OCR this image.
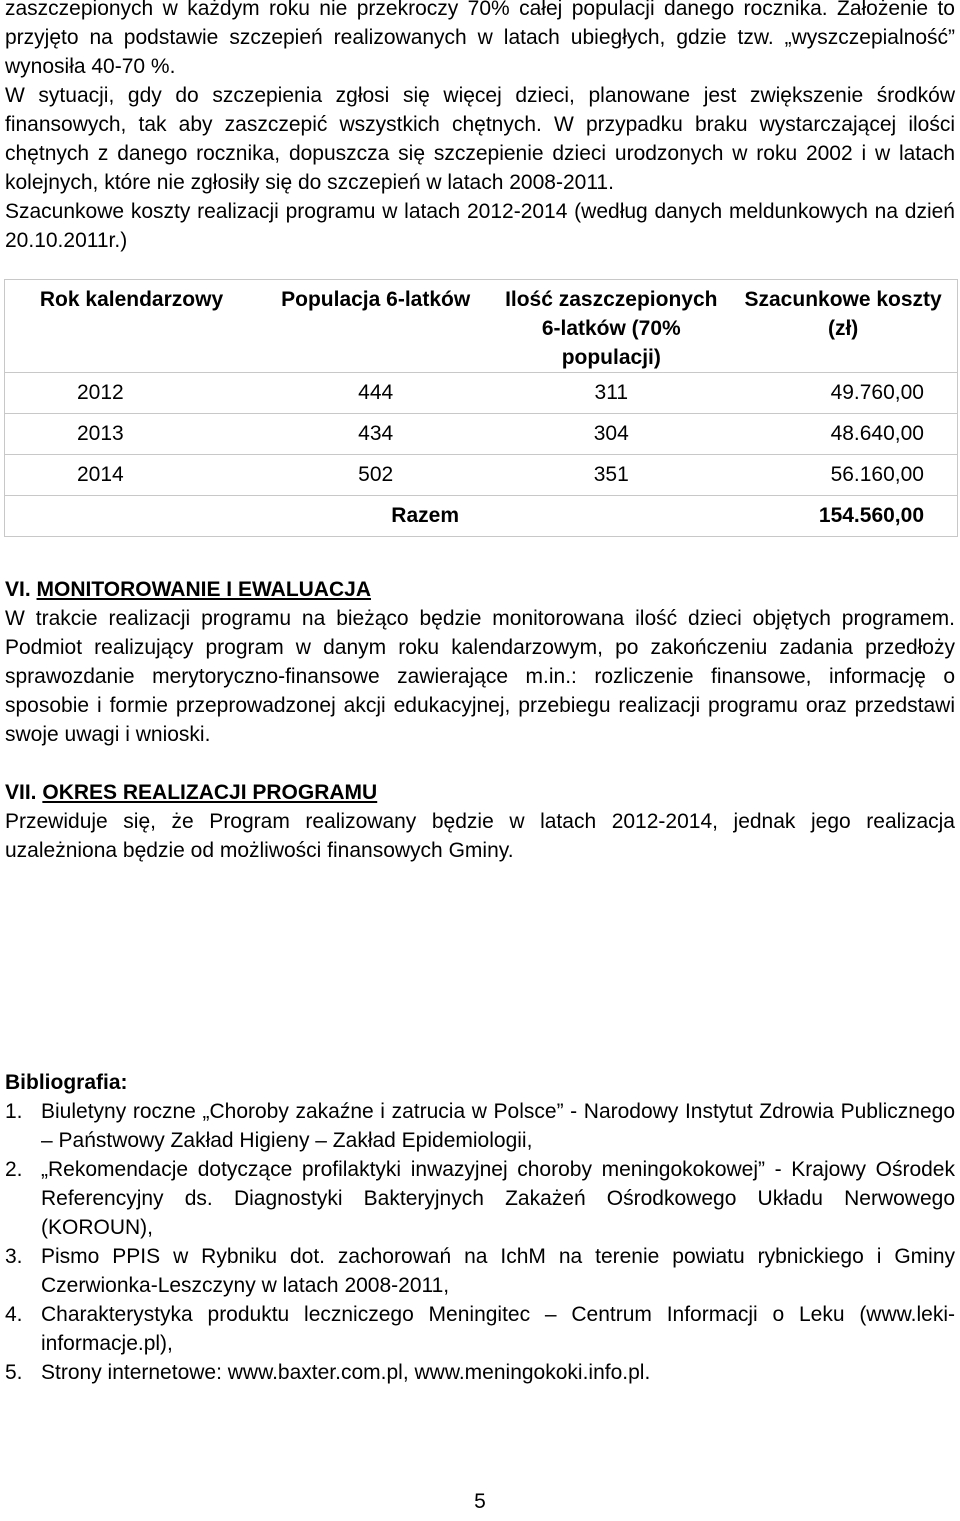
zaszczepionych w każdym roku nie przekroczy 70% całej populacji danego rocznika. Założenie to przyjęto na podstawie szczepień realizowanych w latach ubiegłych, gdzie tzw. „wyszczepialność” wynosiła 40-70 %.

W sytuacji, gdy do szczepienia zgłosi się więcej dzieci, planowane jest zwiększenie środków finansowych, tak aby zaszczepić wszystkich chętnych. W przypadku braku wystarczającej ilości chętnych z danego rocznika, dopuszcza się szczepienie dzieci urodzonych w roku 2002 i w latach kolejnych, które nie zgłosiły się do szczepień w latach 2008-2011.

Szacunkowe koszty realizacji programu w latach 2012-2014 (według danych meldunkowych na dzień 20.10.2011r.)

Rok kalendarzowy	Populacja 6-latków	Ilość zaszczepionych 6-latków (70% populacji)	Szacunkowe koszty (zł)
2012	444	311	49.760,00
2013	434	304	48.640,00
2014	502	351	56.160,00
		Razem	154.560,00
VI. MONITOROWANIE I EWALUACJA

W trakcie realizacji programu na bieżąco będzie monitorowana ilość dzieci objętych programem. Podmiot realizujący program w danym roku kalendarzowym, po zakończeniu zadania przedłoży sprawozdanie merytoryczno-finansowe zawierające m.in.: rozliczenie finansowe, informację o sposobie i formie przeprowadzonej akcji edukacyjnej, przebiegu realizacji programu oraz przedstawi swoje uwagi i wnioski.

VII. OKRES REALIZACJI PROGRAMU

Przewiduje się, że Program realizowany będzie w latach 2012-2014, jednak jego realizacja uzależniona będzie od możliwości finansowych Gminy.

Bibliografia:
1. Biuletyny roczne „Choroby zakaźne i zatrucia w Polsce” - Narodowy Instytut Zdrowia Publicznego – Państwowy Zakład Higieny – Zakład Epidemiologii,
2. „Rekomendacje dotyczące profilaktyki inwazyjnej choroby meningokokowej” - Krajowy Ośrodek Referencyjny ds. Diagnostyki Bakteryjnych Zakażeń Ośrodkowego Układu Nerwowego (KOROUN),
3. Pismo PPIS w Rybniku dot. zachorowań na IchM na terenie powiatu rybnickiego i Gminy Czerwionka-Leszczyny w latach 2008-2011,
4. Charakterystyka produktu leczniczego Meningitec – Centrum Informacji o Leku (www.leki-informacje.pl),
5. Strony internetowe: www.baxter.com.pl, www.meningokoki.info.pl.
5
